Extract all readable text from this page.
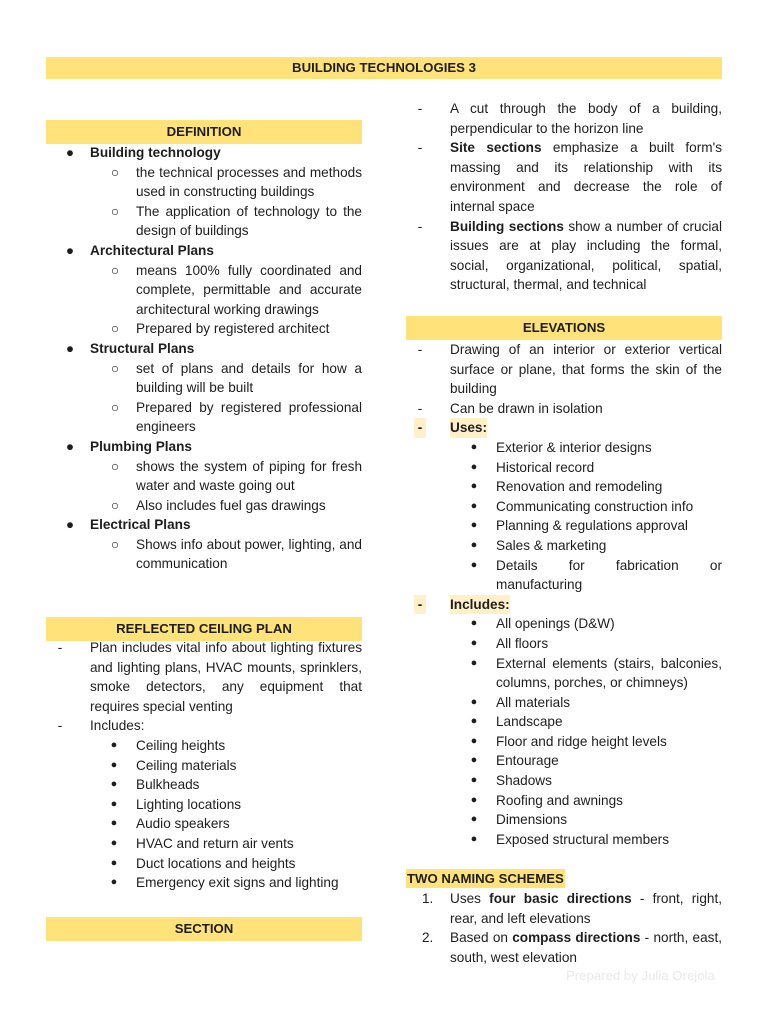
BUILDING TECHNOLOGIES 3
DEFINITION
●	Building technology
○	the technical processes and methods used in constructing buildings
○	The application of technology to the design of buildings
●	Architectural Plans
○	means 100% fully coordinated and complete, permittable and accurate architectural working drawings
○	Prepared by registered architect
●	Structural Plans
○	set of plans and details for how a building will be built
○	Prepared by registered professional engineers
●	Plumbing Plans
○	shows the system of piping for fresh water and waste going out
○	Also includes fuel gas drawings
●	Electrical Plans
○	Shows info about power, lighting, and communication
REFLECTED CEILING PLAN
- Plan includes vital info about lighting fixtures and lighting plans, HVAC mounts, sprinklers, smoke detectors, any equipment that requires special venting
- Includes:
●	Ceiling heights
●	Ceiling materials
●	Bulkheads
●	Lighting locations
●	Audio speakers
●	HVAC and return air vents
●	Duct locations and heights
●	Emergency exit signs and lighting
SECTION
- A cut through the body of a building, perpendicular to the horizon line
- Site sections emphasize a built form's massing and its relationship with its environment and decrease the role of internal space
- Building sections show a number of crucial issues are at play including the formal, social, organizational, political, spatial, structural, thermal, and technical
ELEVATIONS
- Drawing of an interior or exterior vertical surface or plane, that forms the skin of the building
- Can be drawn in isolation
- Uses:
●	Exterior & interior designs
●	Historical record
●	Renovation and remodeling
●	Communicating construction info
●	Planning & regulations approval
●	Sales & marketing
●	Details for fabrication or manufacturing
- Includes:
●	All openings (D&W)
●	All floors
●	External elements (stairs, balconies, columns, porches, or chimneys)
●	All materials
●	Landscape
●	Floor and ridge height levels
●	Entourage
●	Shadows
●	Roofing and awnings
●	Dimensions
●	Exposed structural members
TWO NAMING SCHEMES
1.	Uses four basic directions - front, right, rear, and left elevations
2.	Based on compass directions - north, east, south, west elevation
Prepared by Julia Orejola
